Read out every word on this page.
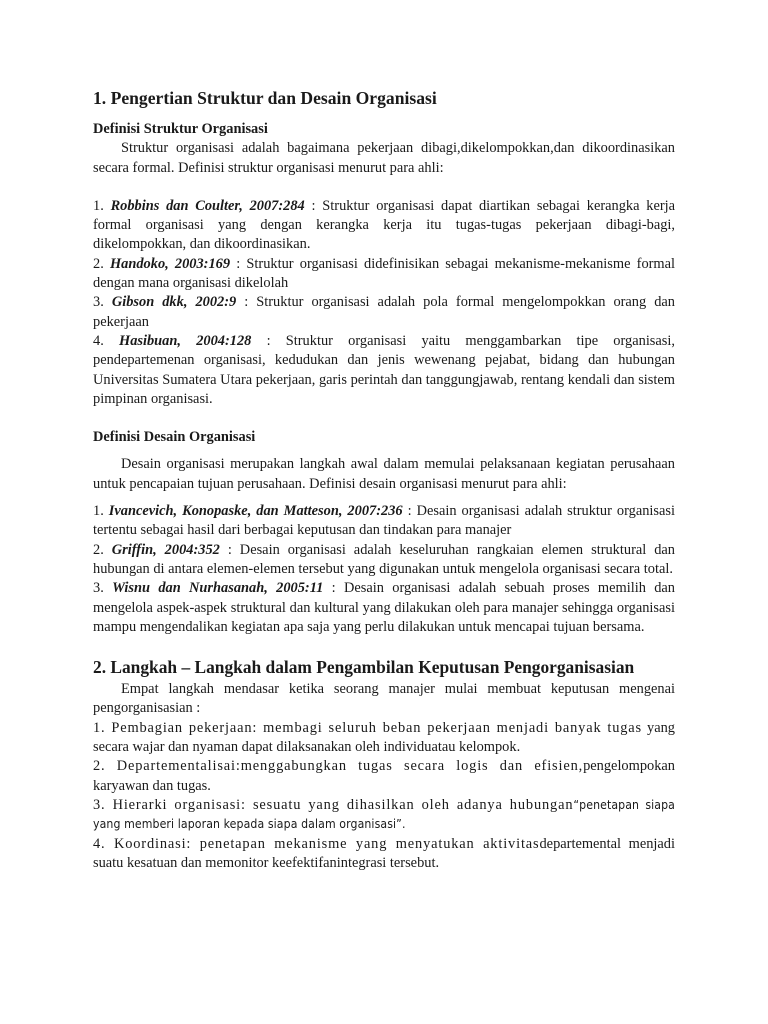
1. Pengertian Struktur dan Desain Organisasi

Definisi Struktur Organisasi

Struktur organisasi adalah bagaimana pekerjaan dibagi,dikelompokkan,dan dikoordinasikan secara formal. Definisi struktur organisasi menurut para ahli:

1. Robbins dan Coulter, 2007:284 : Struktur organisasi dapat diartikan sebagai kerangka kerja formal organisasi yang dengan kerangka kerja itu tugas-tugas pekerjaan dibagi-bagi, dikelompokkan, dan dikoordinasikan.

2. Handoko, 2003:169 : Struktur organisasi didefinisikan sebagai mekanisme-mekanisme formal dengan mana organisasi dikelolah

3. Gibson dkk, 2002:9 : Struktur organisasi adalah pola formal mengelompokkan orang dan pekerjaan

4. Hasibuan, 2004:128 : Struktur organisasi yaitu menggambarkan tipe organisasi, pendepartemenan organisasi, kedudukan dan jenis wewenang pejabat, bidang dan hubungan Universitas Sumatera Utara pekerjaan, garis perintah dan tanggungjawab, rentang kendali dan sistem pimpinan organisasi.

Definisi Desain Organisasi

Desain organisasi merupakan langkah awal dalam memulai pelaksanaan kegiatan perusahaan untuk pencapaian tujuan perusahaan. Definisi desain organisasi menurut para ahli:

1. Ivancevich, Konopaske, dan Matteson, 2007:236 : Desain organisasi adalah struktur organisasi tertentu sebagai hasil dari berbagai keputusan dan tindakan para manajer

2. Griffin, 2004:352 : Desain organisasi adalah keseluruhan rangkaian elemen struktural dan hubungan di antara elemen-elemen tersebut yang digunakan untuk mengelola organisasi secara total.

3. Wisnu dan Nurhasanah, 2005:11 : Desain organisasi adalah sebuah proses memilih dan mengelola aspek-aspek struktural dan kultural yang dilakukan oleh para manajer sehingga organisasi mampu mengendalikan kegiatan apa saja yang perlu dilakukan untuk mencapai tujuan bersama.

2. Langkah – Langkah dalam Pengambilan Keputusan Pengorganisasian

Empat langkah mendasar ketika seorang manajer mulai membuat keputusan mengenai pengorganisasian :

1. Pembagian pekerjaan: membagi seluruh beban pekerjaan menjadi banyak tugas yang secara wajar dan nyaman dapat dilaksanakan oleh individuatau kelompok.

2. Departementalisai:menggabungkan tugas secara logis dan efisien,pengelompokan karyawan dan tugas.

3. Hierarki organisasi: sesuatu yang dihasilkan oleh adanya hubungan“penetapan siapa yang memberi laporan kepada siapa dalam organisasi”.

4. Koordinasi: penetapan mekanisme yang menyatukan aktivitasdepartemental menjadi suatu kesatuan dan memonitor keefektifanintegrasi tersebut.
